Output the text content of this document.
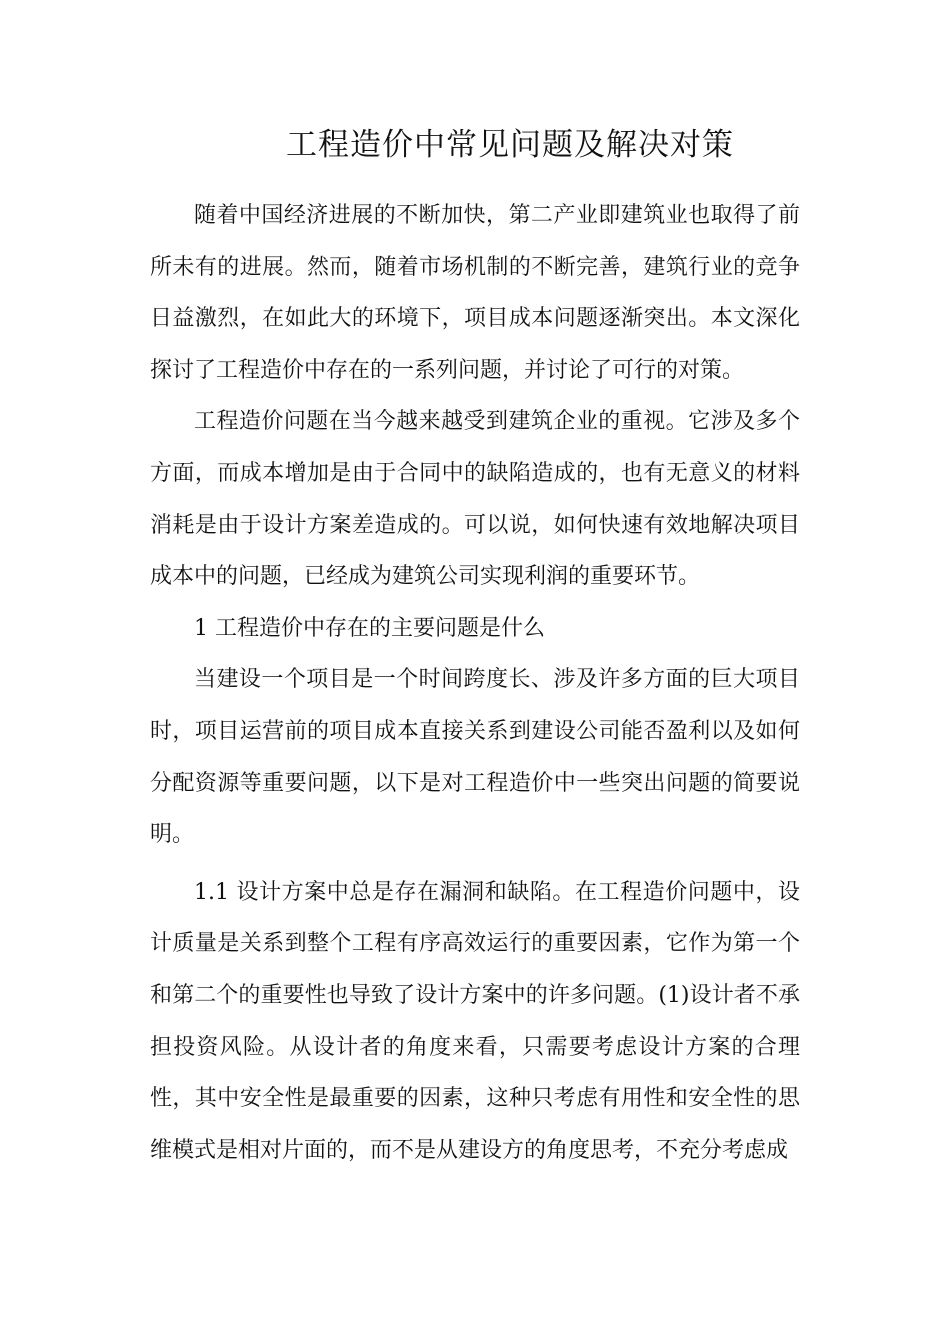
工程造价中常见问题及解决对策

随着中国经济进展的不断加快，第二产业即建筑业也取得了前所未有的进展。然而，随着市场机制的不断完善，建筑行业的竞争日益激烈，在如此大的环境下，项目成本问题逐渐突出。本文深化探讨了工程造价中存在的一系列问题，并讨论了可行的对策。

工程造价问题在当今越来越受到建筑企业的重视。它涉及多个方面，而成本增加是由于合同中的缺陷造成的，也有无意义的材料消耗是由于设计方案差造成的。可以说，如何快速有效地解决项目成本中的问题，已经成为建筑公司实现利润的重要环节。

1 工程造价中存在的主要问题是什么

当建设一个项目是一个时间跨度长、涉及许多方面的巨大项目时，项目运营前的项目成本直接关系到建设公司能否盈利以及如何分配资源等重要问题，以下是对工程造价中一些突出问题的简要说明。

1.1 设计方案中总是存在漏洞和缺陷。在工程造价问题中，设计质量是关系到整个工程有序高效运行的重要因素，它作为第一个和第二个的重要性也导致了设计方案中的许多问题。(1)设计者不承担投资风险。从设计者的角度来看，只需要考虑设计方案的合理性，其中安全性是最重要的因素，这种只考虑有用性和安全性的思维模式是相对片面的，而不是从建设方的角度思考，不充分考虑成
